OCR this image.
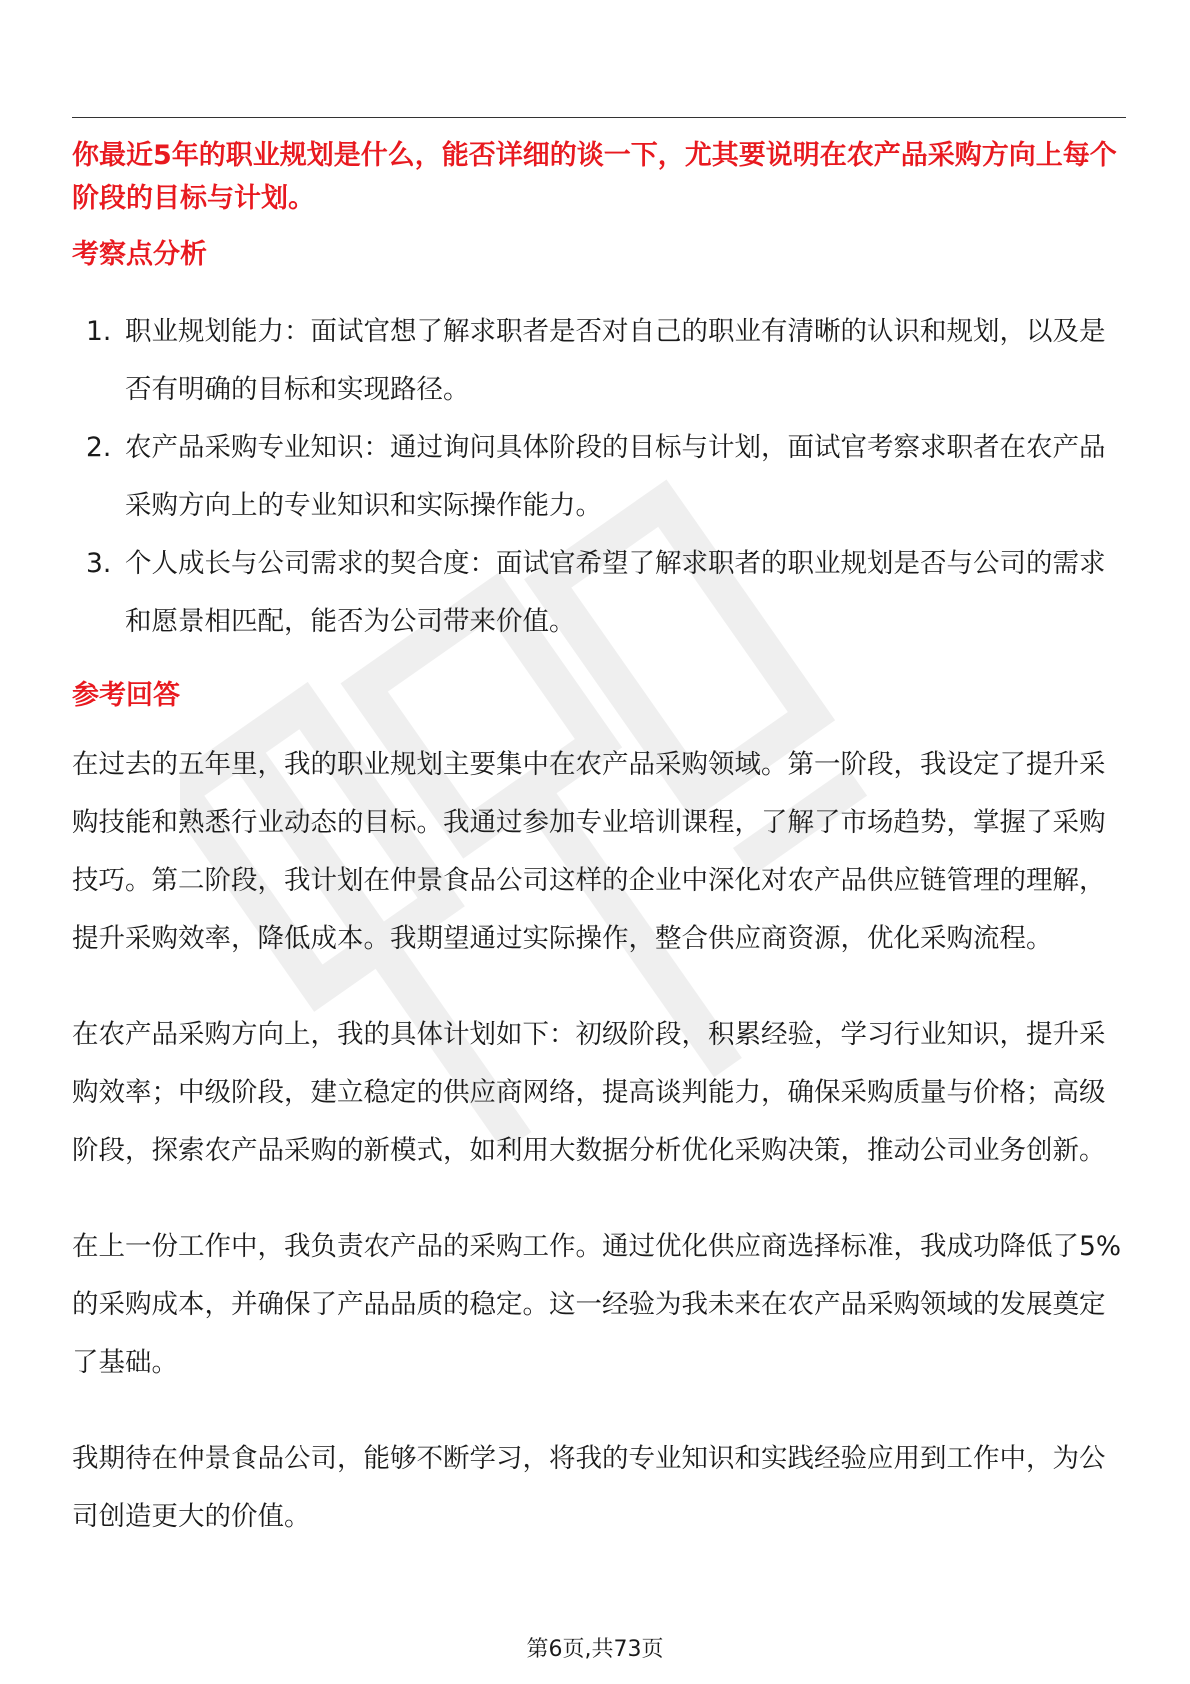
你最近5年的职业规划是什么，能否详细的谈一下，尤其要说明在农产品采购方向上每个阶段的目标与计划。

考察点分析
1. 职业规划能力：面试官想了解求职者是否对自己的职业有清晰的认识和规划，以及是否有明确的目标和实现路径。
2. 农产品采购专业知识：通过询问具体阶段的目标与计划，面试官考察求职者在农产品采购方向上的专业知识和实际操作能力。
3. 个人成长与公司需求的契合度：面试官希望了解求职者的职业规划是否与公司的需求和愿景相匹配，能否为公司带来价值。
参考回答

在过去的五年里，我的职业规划主要集中在农产品采购领域。第一阶段，我设定了提升采购技能和熟悉行业动态的目标。我通过参加专业培训课程，了解了市场趋势，掌握了采购技巧。第二阶段，我计划在仲景食品公司这样的企业中深化对农产品供应链管理的理解，提升采购效率，降低成本。我期望通过实际操作，整合供应商资源，优化采购流程。

在农产品采购方向上，我的具体计划如下：初级阶段，积累经验，学习行业知识，提升采购效率；中级阶段，建立稳定的供应商网络，提高谈判能力，确保采购质量与价格；高级阶段，探索农产品采购的新模式，如利用大数据分析优化采购决策，推动公司业务创新。

在上一份工作中，我负责农产品的采购工作。通过优化供应商选择标准，我成功降低了5%的采购成本，并确保了产品品质的稳定。这一经验为我未来在农产品采购领域的发展奠定了基础。

我期待在仲景食品公司，能够不断学习，将我的专业知识和实践经验应用到工作中，为公司创造更大的价值。

第6页,共73页
